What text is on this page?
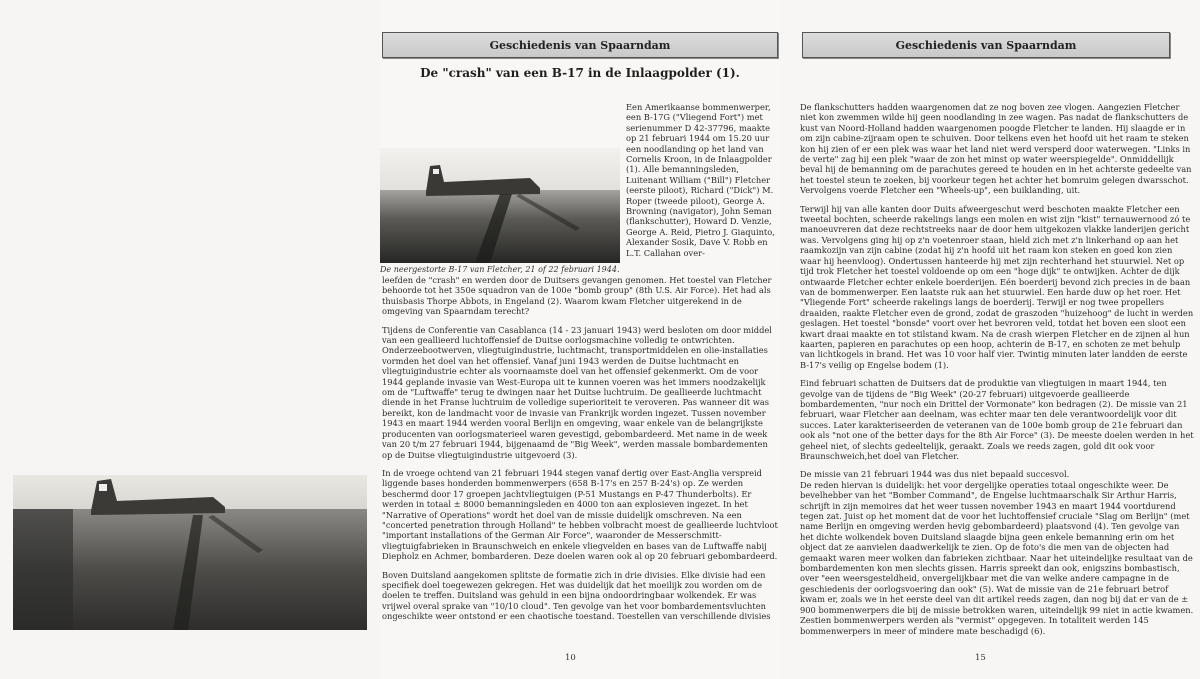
Geschiedenis van Spaarndam
De "crash" van een B-17 in de Inlaagpolder (1).
De neergestorte B-17 van Fletcher, 21 of 22 februari 1944.
Een Amerikaanse bommenwerper, een B-17G ("Vliegend Fort") met serienummer D 42-37796, maakte op 21 februari 1944 om 15.20 uur een noodlanding op het land van Cornelis Kroon, in de Inlaagpolder (1). Alle bemanningsleden, Luitenant William ("Bill") Fletcher (eerste piloot), Richard ("Dick") M. Roper (tweede piloot), George A. Browning (navigator), John Seman (flankschutter), Howard D. Venzie, George A. Reid, Pietro J. Giaquinto, Alexander Sosik, Dave V. Robb en L.T. Callahan over-

leefden de "crash" en werden door de Duitsers gevangen genomen. Het toestel van Fletcher behoorde tot het 350e squadron van de 100e "bomb group" (8th U.S. Air Force). Het had als thuisbasis Thorpe Abbots, in Engeland (2). Waarom kwam Fletcher uitgerekend in de omgeving van Spaarndam terecht?

Tijdens de Conferentie van Casablanca (14 - 23 januari 1943) werd besloten om door middel van een geallieerd luchtoffensief de Duitse oorlogsmachine volledig te ontwrichten. Onderzeebootwerven, vliegtuigindustrie, luchtmacht, transportmiddelen en olie-installaties vormden het doel van het offensief. Vanaf juni 1943 werden de Duitse luchtmacht en vliegtuigindustrie echter als voornaamste doel van het offensief gekenmerkt. Om de voor 1944 geplande invasie van West-Europa uit te kunnen voeren was het immers noodzakelijk om de "Luftwaffe" terug te dwingen naar het Duitse luchtruim. De geallieerde luchtmacht diende in het Franse luchtruim de volledige superioriteit te veroveren. Pas wanneer dit was bereikt, kon de landmacht voor de invasie van Frankrijk worden ingezet. Tussen november 1943 en maart 1944 werden vooral Berlijn en omgeving, waar enkele van de belangrijkste producenten van oorlogsmaterieel waren gevestigd, gebombardeerd. Met name in de week van 20 t/m 27 februari 1944, bijgenaamd de "Big Week", werden massale bombardementen op de Duitse vliegtuigindustrie uitgevoerd (3).

In de vroege ochtend van 21 februari 1944 stegen vanaf dertig over East-Anglia verspreid liggende bases honderden bommenwerpers (658 B-17's en 257 B-24's) op. Ze werden beschermd door 17 groepen jachtvliegtuigen (P-51 Mustangs en P-47 Thunderbolts). Er werden in totaal ± 8000 bemanningsleden en 4000 ton aan explosieven ingezet. In het "Narrative of Operations" wordt het doel van de missie duidelijk omschreven. Na een "concerted penetration through Holland" te hebben volbracht moest de geallieerde luchtvloot "important installations of the German Air Force", waaronder de Messerschmitt-vliegtuigfabrieken in Braunschweich en enkele vliegvelden en bases van de Luftwaffe nabij Diepholz en Achmer, bombarderen. Deze doelen waren ook al op 20 februari gebombardeerd.

Boven Duitsland aangekomen splitste de formatie zich in drie divisies. Elke divisie had een specifiek doel toegewezen gekregen. Het was duidelijk dat het moeilijk zou worden om de doelen te treffen. Duitsland was gehuld in een bijna ondoordringbaar wolkendek. Er was vrijwel overal sprake van "10/10 cloud". Ten gevolge van het voor bombardementsvluchten ongeschikte weer ontstond er een chaotische toestand. Toestellen van verschillende divisies

10
Geschiedenis van Spaarndam

De flankschutters hadden waargenomen dat ze nog boven zee vlogen. Aangezien Fletcher niet kon zwemmen wilde hij geen noodlanding in zee wagen. Pas nadat de flankschutters de kust van Noord-Holland hadden waargenomen poogde Fletcher te landen. Hij slaagde er in om zijn cabine-zijraam open te schuiven. Door telkens even het hoofd uit het raam te steken kon hij zien of er een plek was waar het land niet werd versperd door waterwegen. "Links in de verte" zag hij een plek "waar de zon het minst op water weerspiegelde". Onmiddellijk beval hij de bemanning om de parachutes gereed te houden en in het achterste gedeelte van het toestel steun te zoeken, bij voorkeur tegen het achter het bomruim gelegen dwarsschot. Vervolgens voerde Fletcher een "Wheels-up", een buiklanding, uit.

Terwijl hij van alle kanten door Duits afweergeschut werd beschoten maakte Fletcher een tweetal bochten, scheerde rakelings langs een molen en wist zijn "kist" ternauwernood zó te manoeuvreren dat deze rechtstreeks naar de door hem uitgekozen vlakke landerijen gericht was. Vervolgens ging hij op z'n voetenroer staan, hield zich met z'n linkerhand op aan het raamkozijn van zijn cabine (zodat hij z'n hoofd uit het raam kon steken en goed kon zien waar hij heenvloog). Ondertussen hanteerde hij met zijn rechterhand het stuurwiel. Net op tijd trok Fletcher het toestel voldoende op om een "hoge dijk" te ontwijken. Achter de dijk ontwaarde Fletcher echter enkele boerderijen. Eén boerderij bevond zich precies in de baan van de bommenwerper. Een laatste ruk aan het stuurwiel. Een harde duw op het roer. Het "Vliegende Fort" scheerde rakelings langs de boerderij. Terwijl er nog twee propellers draaiden, raakte Fletcher even de grond, zodat de graszoden "huizehoog" de lucht in werden geslagen. Het toestel "bonsde" voort over het bevroren veld, totdat het boven een sloot een kwart draai maakte en tot stilstand kwam. Na de crash wierpen Fletcher en de zijnen al hun kaarten, papieren en parachutes op een hoop, achterin de B-17, en schoten ze met behulp van lichtkogels in brand. Het was 10 voor half vier. Twintig minuten later landden de eerste B-17's veilig op Engelse bodem (1).

Eind februari schatten de Duitsers dat de produktie van vliegtuigen in maart 1944, ten gevolge van de tijdens de "Big Week" (20-27 februari) uitgevoerde geallieerde bombardementen, "nur noch ein Drittel der Vormonate" kon bedragen (2). De missie van 21 februari, waar Fletcher aan deelnam, was echter maar ten dele verantwoordelijk voor dit succes. Later karakteriseerden de veteranen van de 100e bomb group de 21e februari dan ook als "not one of the better days for the 8th Air Force" (3). De meeste doelen werden in het geheel niet, of slechts gedeeltelijk, geraakt. Zoals we reeds zagen, gold dit ook voor Braunschweich,het doel van Fletcher.

De missie van 21 februari 1944 was dus niet bepaald succesvol.

De reden hiervan is duidelijk: het voor dergelijke operaties totaal ongeschikte weer. De bevelhebber van het "Bomber Command", de Engelse luchtmaarschalk Sir Arthur Harris, schrijft in zijn memoires dat het weer tussen november 1943 en maart 1944 voortdurend tegen zat. Juist op het moment dat de voor het luchtoffensief cruciale "Slag om Berlijn" (met name Berlijn en omgeving werden hevig gebombardeerd) plaatsvond (4). Ten gevolge van het dichte wolkendek boven Duitsland slaagde bijna geen enkele bemanning erin om het object dat ze aanvielen daadwerkelijk te zien. Op de foto's die men van de objecten had gemaakt waren meer wolken dan fabrieken zichtbaar. Naar het uiteindelijke resultaat van de bombardementen kon men slechts gissen. Harris spreekt dan ook, enigszins bombastisch, over "een weersgesteldheid, onvergelijkbaar met die van welke andere campagne in de geschiedenis der oorlogsvoering dan ook" (5). Wat de missie van de 21e februari betrof kwam er, zoals we in het eerste deel van dit artikel reeds zagen, dan nog bij dat er van de ± 900 bommenwerpers die bij de missie betrokken waren, uiteindelijk 99 niet in actie kwamen. Zestien bommenwerpers werden als "vermist" opgegeven. In totaliteit werden 145 bommenwerpers in meer of mindere mate beschadigd (6).

15
